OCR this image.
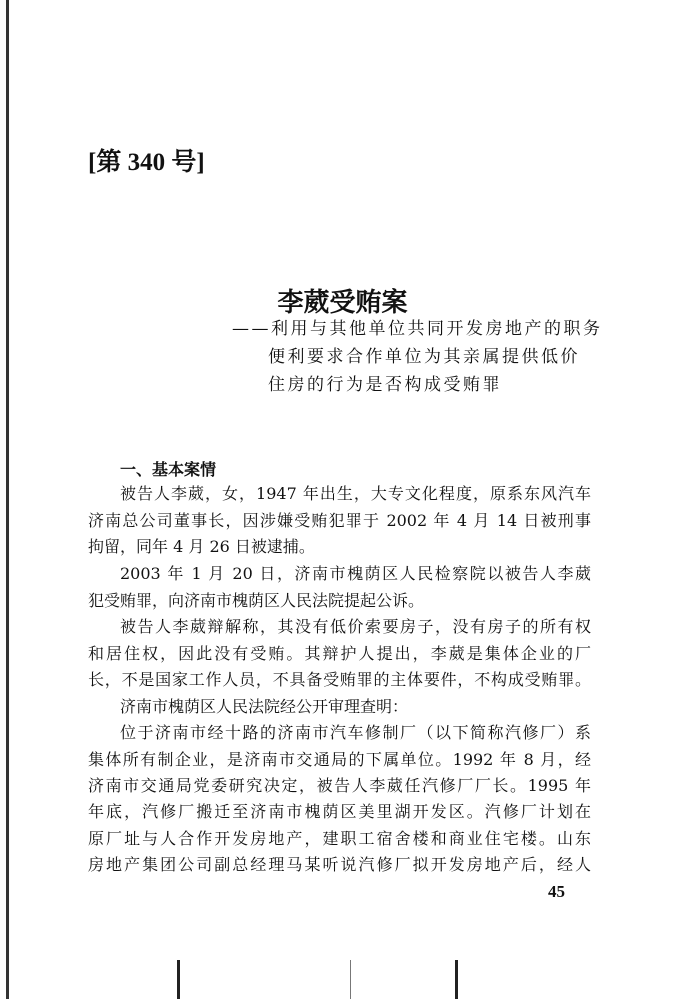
[第 340 号]
李葳受贿案
——利用与其他单位共同开发房地产的职务
便利要求合作单位为其亲属提供低价
住房的行为是否构成受贿罪
一、基本案情
被告人李葳，女，1947 年出生，大专文化程度，原系东风汽车
济南总公司董事长，因涉嫌受贿犯罪于 2002 年 4 月 14 日被刑事
拘留，同年 4 月 26 日被逮捕。
2003 年 1 月 20 日，济南市槐荫区人民检察院以被告人李葳
犯受贿罪，向济南市槐荫区人民法院提起公诉。
被告人李葳辩解称，其没有低价索要房子，没有房子的所有权
和居住权，因此没有受贿。其辩护人提出，李葳是集体企业的厂
长，不是国家工作人员，不具备受贿罪的主体要件，不构成受贿罪。
济南市槐荫区人民法院经公开审理查明：
位于济南市经十路的济南市汽车修制厂（以下简称汽修厂）系
集体所有制企业，是济南市交通局的下属单位。1992 年 8 月，经
济南市交通局党委研究决定，被告人李葳任汽修厂厂长。1995 年
年底，汽修厂搬迁至济南市槐荫区美里湖开发区。汽修厂计划在
原厂址与人合作开发房地产，建职工宿舍楼和商业住宅楼。山东
房地产集团公司副总经理马某听说汽修厂拟开发房地产后，经人
45
